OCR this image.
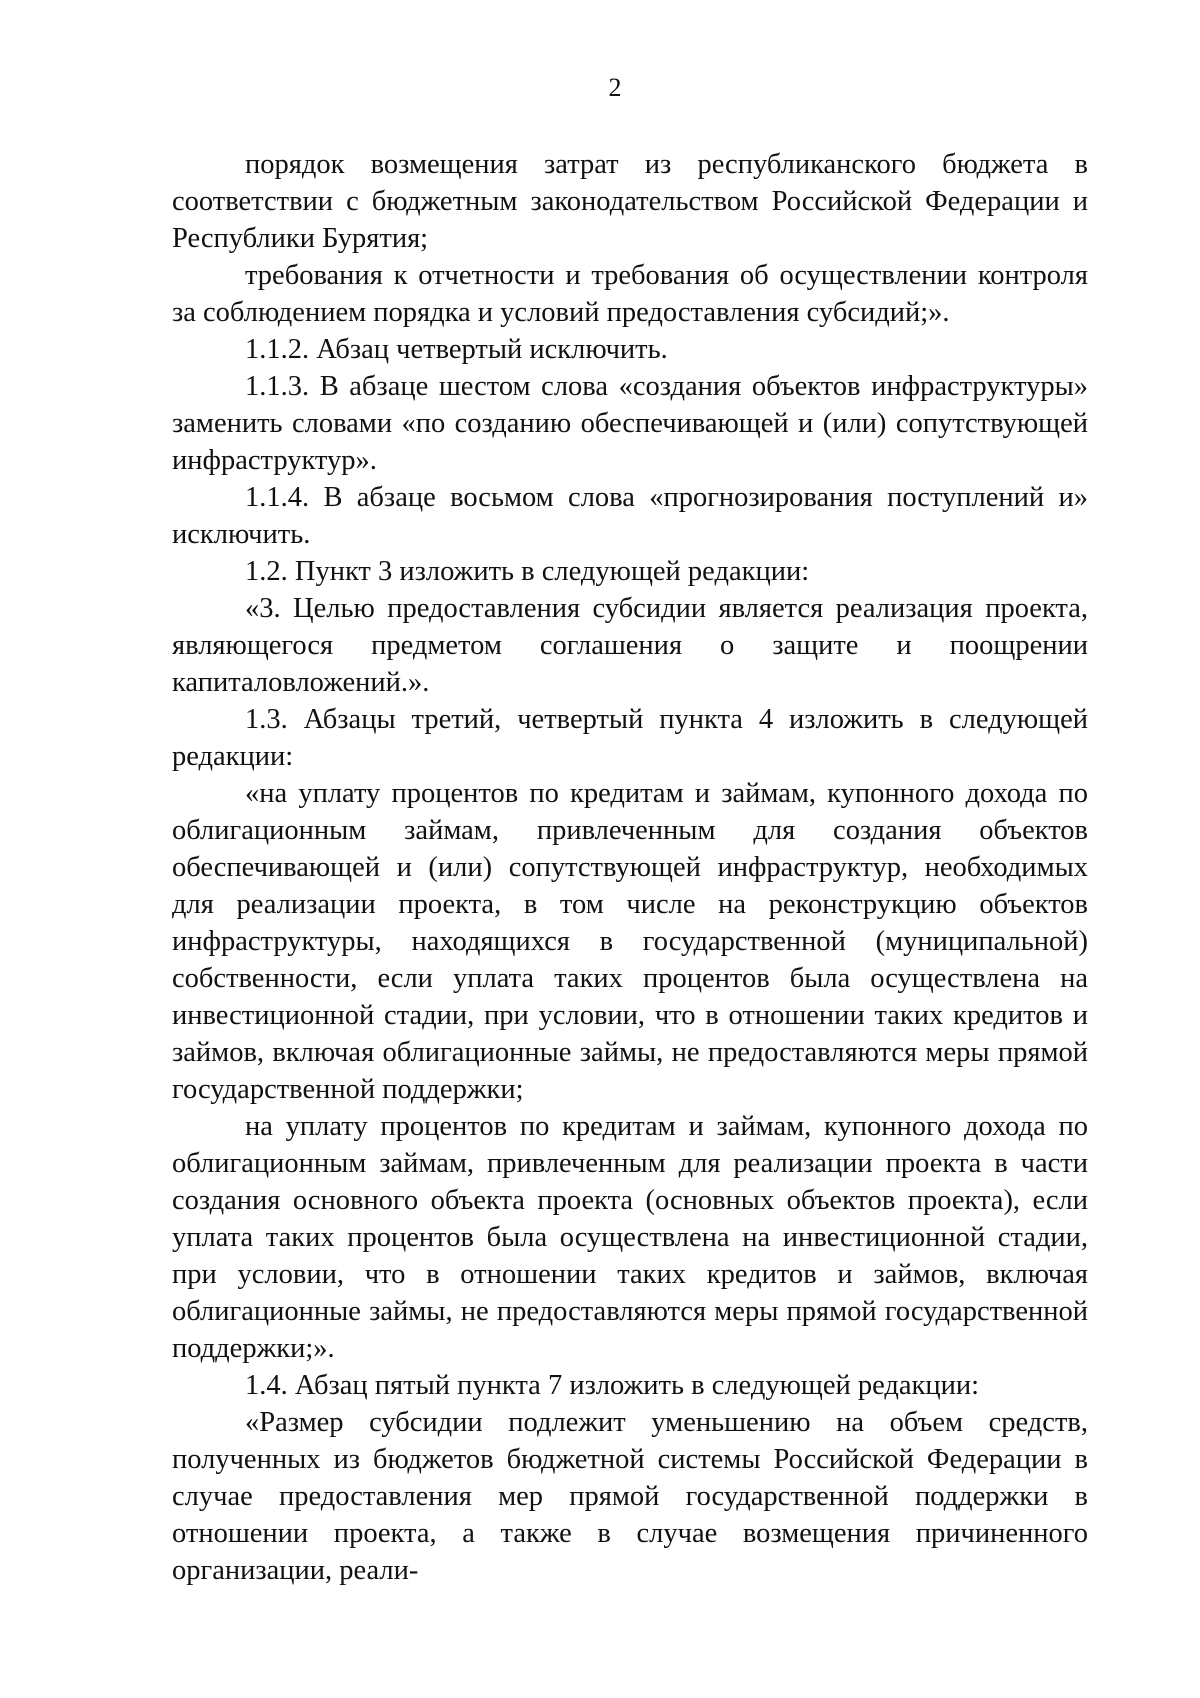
2

порядок возмещения затрат из республиканского бюджета в соответствии с бюджетным законодательством Российской Федерации и Республики Бурятия;

требования к отчетности и требования об осуществлении контроля за соблюдением порядка и условий предоставления субсидий;».

1.1.2. Абзац четвертый исключить.

1.1.3. В абзаце шестом слова «создания объектов инфраструктуры» заменить словами «по созданию обеспечивающей и (или) сопутствующей инфраструктур».

1.1.4. В абзаце восьмом слова «прогнозирования поступлений и» исключить.

1.2. Пункт 3 изложить в следующей редакции:

«3. Целью предоставления субсидии является реализация проекта, являющегося предметом соглашения о защите и поощрении капиталовложений.».

1.3. Абзацы третий, четвертый пункта 4 изложить в следующей редакции:

«на уплату процентов по кредитам и займам, купонного дохода по облигационным займам, привлеченным для создания объектов обеспечивающей и (или) сопутствующей инфраструктур, необходимых для реализации проекта, в том числе на реконструкцию объектов инфраструктуры, находящихся в государственной (муниципальной) собственности, если уплата таких процентов была осуществлена на инвестиционной стадии, при условии, что в отношении таких кредитов и займов, включая облигационные займы, не предоставляются меры прямой государственной поддержки;

на уплату процентов по кредитам и займам, купонного дохода по облигационным займам, привлеченным для реализации проекта в части создания основного объекта проекта (основных объектов проекта), если уплата таких процентов была осуществлена на инвестиционной стадии, при условии, что в отношении таких кредитов и займов, включая облигационные займы, не предоставляются меры прямой государственной поддержки;».

1.4. Абзац пятый пункта 7 изложить в следующей редакции:

«Размер субсидии подлежит уменьшению на объем средств, полученных из бюджетов бюджетной системы Российской Федерации в случае предоставления мер прямой государственной поддержки в отношении проекта, а также в случае возмещения причиненного организации, реали-
